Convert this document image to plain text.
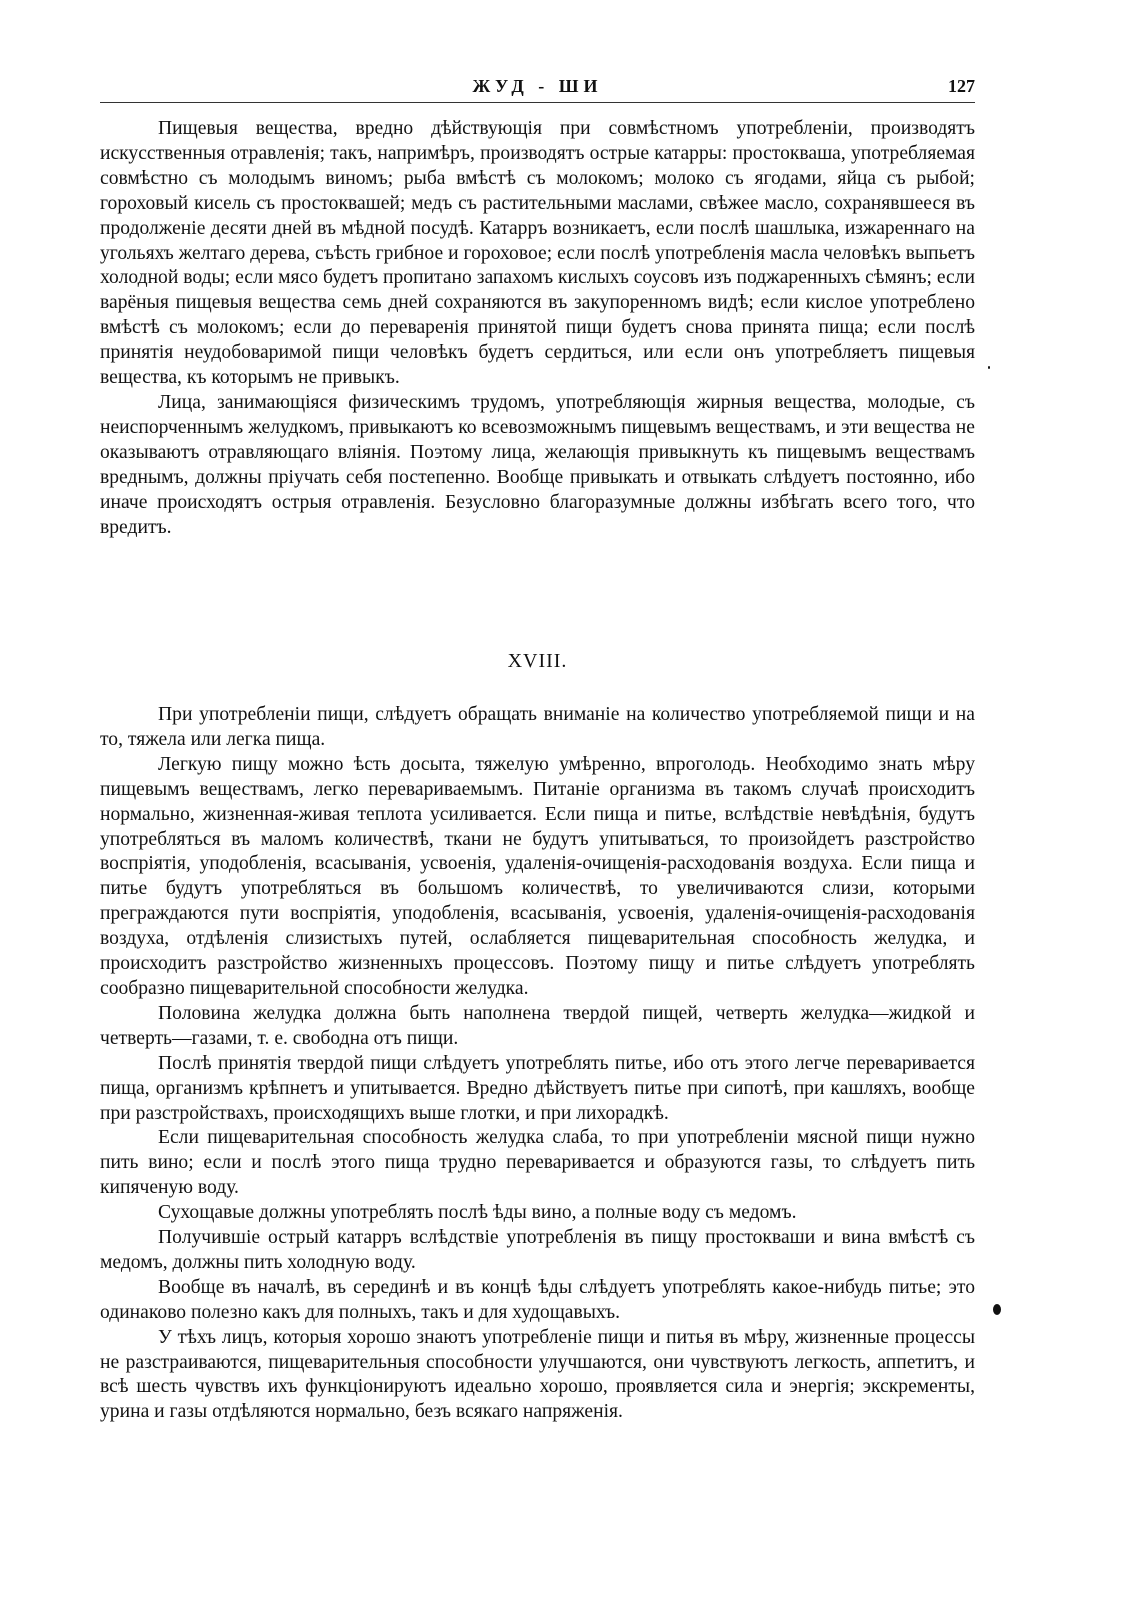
ЖУД - ШИ	127

Пищевыя вещества, вредно дѣйствующія при совмѣстномъ употребленіи, производятъ искусственныя отравленія; такъ, напримѣръ, производятъ острые катарры: простокваша, употребляемая совмѣстно съ молодымъ виномъ; рыба вмѣстѣ съ молокомъ; молоко съ ягодами, яйца съ рыбой; гороховый кисель съ простоквашей; медъ съ растительными маслами, свѣжее масло, сохранявшееся въ продолженіе десяти дней въ мѣдной посудѣ. Катарръ возникаетъ, если послѣ шашлыка, изжареннаго на угольяхъ желтаго дерева, съѣсть грибное и гороховое; если послѣ употребленія масла человѣкъ выпьетъ холодной воды; если мясо будетъ пропитано запахомъ кислыхъ соусовъ изъ поджаренныхъ сѣмянъ; если варёныя пищевыя вещества семь дней сохраняются въ закупоренномъ видѣ; если кислое употреблено вмѣстѣ съ молокомъ; если до переваренія принятой пищи будетъ снова принята пища; если послѣ принятія неудобоваримой пищи человѣкъ будетъ сердиться, или если онъ употребляетъ пищевыя вещества, къ которымъ не привыкъ.

Лица, занимающіяся физическимъ трудомъ, употребляющія жирныя вещества, молодые, съ неиспорченнымъ желудкомъ, привыкаютъ ко всевозможнымъ пищевымъ веществамъ, и эти вещества не оказываютъ отравляющаго вліянія. Поэтому лица, желающія привыкнуть къ пищевымъ веществамъ вреднымъ, должны пріучать себя постепенно. Вообще привыкать и отвыкать слѣдуетъ постоянно, ибо иначе происходятъ острыя отравленія. Безусловно благоразумные должны избѣгать всего того, что вредитъ.

XVIII.

При употребленіи пищи, слѣдуетъ обращать вниманіе на количество употребляемой пищи и на то, тяжела или легка пища.

Легкую пищу можно ѣсть досыта, тяжелую умѣренно, впроголодь. Необходимо знать мѣру пищевымъ веществамъ, легко перевариваемымъ. Питаніе организма въ такомъ случаѣ происходитъ нормально, жизненная-живая теплота усиливается. Если пища и питье, вслѣдствіе невѣдѣнія, будутъ употребляться въ маломъ количествѣ, ткани не будутъ упитываться, то произойдетъ разстройство воспріятія, уподобленія, всасыванія, усвоенія, удаленія-очищенія-расходованія воздуха. Если пища и питье будутъ употребляться въ большомъ количествѣ, то увеличиваются слизи, которыми преграждаются пути воспріятія, уподобленія, всасыванія, усвоенія, удаленія-очищенія-расходованія воздуха, отдѣленія слизистыхъ путей, ослабляется пищеварительная способность желудка, и происходитъ разстройство жизненныхъ процессовъ. Поэтому пищу и питье слѣдуетъ употреблять сообразно пищеварительной способности желудка.

Половина желудка должна быть наполнена твердой пищей, четверть желудка—жидкой и четверть—газами, т. е. свободна отъ пищи.

Послѣ принятія твердой пищи слѣдуетъ употреблять питье, ибо отъ этого легче переваривается пища, организмъ крѣпнетъ и упитывается. Вредно дѣйствуетъ питье при сипотѣ, при кашляхъ, вообще при разстройствахъ, происходящихъ выше глотки, и при лихорадкѣ.

Если пищеварительная способность желудка слаба, то при употребленіи мясной пищи нужно пить вино; если и послѣ этого пища трудно переваривается и образуются газы, то слѣдуетъ пить кипяченую воду.

Сухощавые должны употреблять послѣ ѣды вино, а полные воду съ медомъ.

Получившіе острый катарръ вслѣдствіе употребленія въ пищу простокваши и вина вмѣстѣ съ медомъ, должны пить холодную воду.

Вообще въ началѣ, въ серединѣ и въ концѣ ѣды слѣдуетъ употреблять какое-нибудь питье; это одинаково полезно какъ для полныхъ, такъ и для худощавыхъ.

У тѣхъ лицъ, которыя хорошо знаютъ употребленіе пищи и питья въ мѣру, жизненные процессы не разстраиваются, пищеварительныя способности улучшаются, они чувствуютъ легкость, аппетитъ, и всѣ шесть чувствъ ихъ функціонируютъ идеально хорошо, проявляется сила и энергія; экскременты, урина и газы отдѣляются нормально, безъ всякаго напряженія.
